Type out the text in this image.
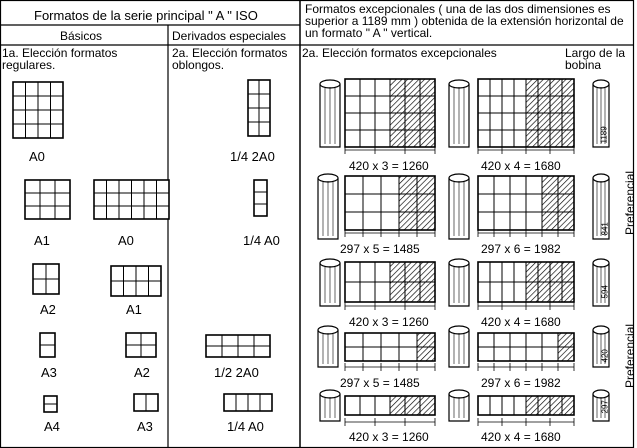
Formatos de la serie principal " A " ISO	Formatos excepcionales ( una de las dos dimensiones es superior a 1189 mm ) obtenida de la extensión horizontal de un formato " A " vertical.
Básicos	Derivados especiales
1a. Elección formatos regulares.
2a. Elección formatos oblongos.
2a. Elección formatos excepcionales	Largo de la bobina
Preferencial
Preferencial
A0
A1	A0
A2	A1
A3	A2
A4	A3
1/4 2A0
1/4 A0
1/2 2A0
1/4 A0
420 x 3 = 1260	420 x 4 = 1680
297 x 5 = 1485	297 x 6 = 1982
420 x 3 = 1260	420 x 4 = 1680
297 x 5 = 1485	297 x 6 = 1982
420 x 3 = 1260	420 x 4 = 1680
1189
841
594
420
297
